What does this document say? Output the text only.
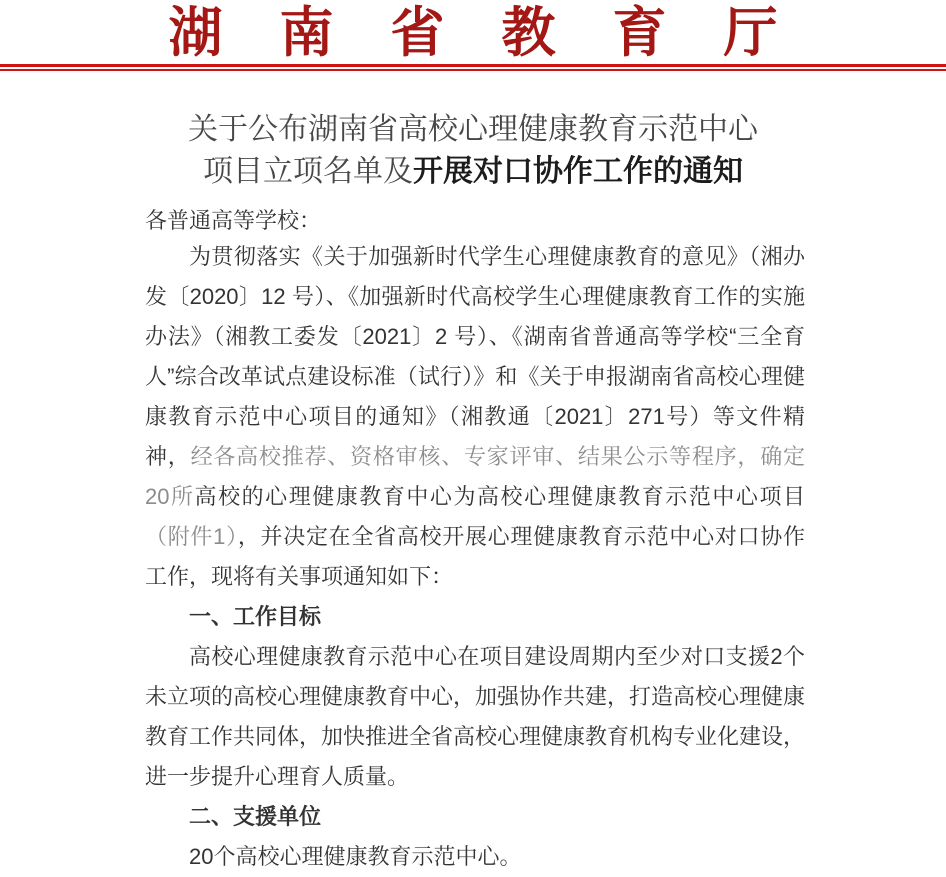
湖南省教育厅
关于公布湖南省高校心理健康教育示范中心
项目立项名单及开展对口协作工作的通知
各普通高等学校：

为贯彻落实《关于加强新时代学生心理健康教育的意见》（湘办发〔2020〕12 号）、《加强新时代高校学生心理健康教育工作的实施办法》（湘教工委发〔2021〕2 号）、《湖南省普通高等学校“三全育人”综合改革试点建设标准（试行）》和《关于申报湖南省高校心理健康教育示范中心项目的通知》（湘教通〔2021〕271号）等文件精神，经各高校推荐、资格审核、专家评审、结果公示等程序，确定20所高校的心理健康教育中心为高校心理健康教育示范中心项目（附件1），并决定在全省高校开展心理健康教育示范中心对口协作工作，现将有关事项通知如下：

一、工作目标

高校心理健康教育示范中心在项目建设周期内至少对口支援2个未立项的高校心理健康教育中心，加强协作共建，打造高校心理健康教育工作共同体，加快推进全省高校心理健康教育机构专业化建设，进一步提升心理育人质量。

二、支援单位

20个高校心理健康教育示范中心。
